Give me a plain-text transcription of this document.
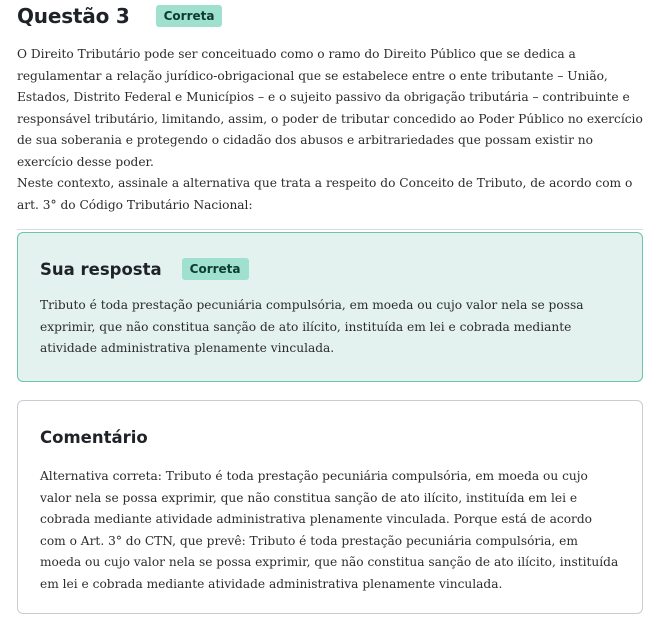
Questão 3	Correta

O Direito Tributário pode ser conceituado como o ramo do Direito Público que se dedica a regulamentar a relação jurídico-obrigacional que se estabelece entre o ente tributante – União, Estados, Distrito Federal e Municípios – e o sujeito passivo da obrigação tributária – contribuinte e responsável tributário, limitando, assim, o poder de tributar concedido ao Poder Público no exercício de sua soberania e protegendo o cidadão dos abusos e arbitrariedades que possam existir no exercício desse poder.

Neste contexto, assinale a alternativa que trata a respeito do Conceito de Tributo, de acordo com o art. 3° do Código Tributário Nacional:

Sua resposta	Correta
Tributo é toda prestação pecuniária compulsória, em moeda ou cujo valor nela se possa exprimir, que não constitua sanção de ato ilícito, instituída em lei e cobrada mediante atividade administrativa plenamente vinculada.
Comentário
Alternativa correta: Tributo é toda prestação pecuniária compulsória, em moeda ou cujo valor nela se possa exprimir, que não constitua sanção de ato ilícito, instituída em lei e cobrada mediante atividade administrativa plenamente vinculada. Porque está de acordo com o Art. 3° do CTN, que prevê: Tributo é toda prestação pecuniária compulsória, em moeda ou cujo valor nela se possa exprimir, que não constitua sanção de ato ilícito, instituída em lei e cobrada mediante atividade administrativa plenamente vinculada.
